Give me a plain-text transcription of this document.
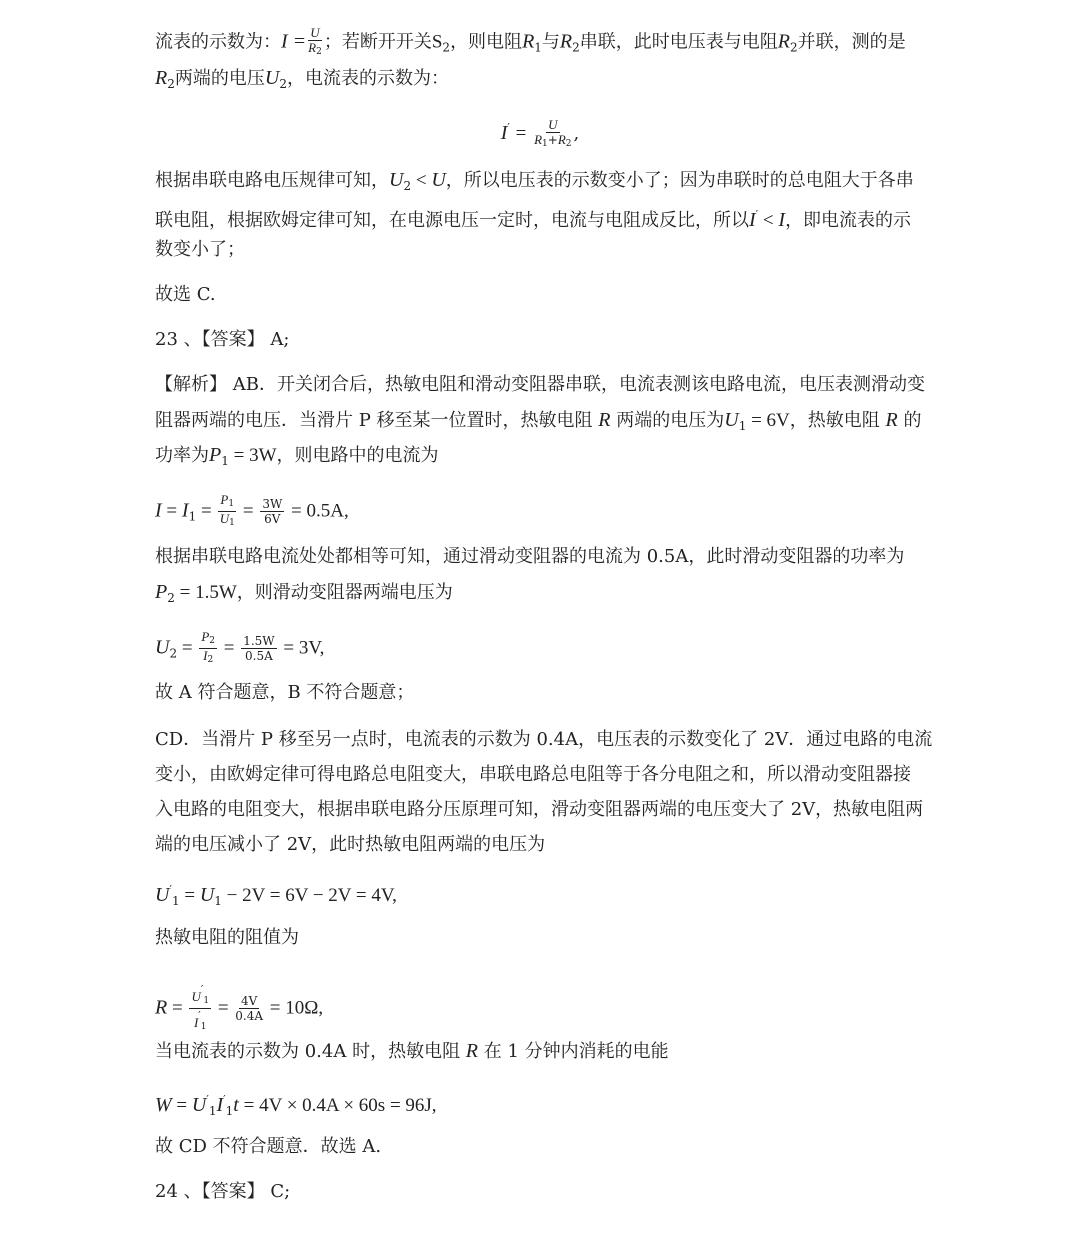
流表的示数为：$I = \frac{U}{R_2}$ ；若断开开关$S_2$，则电阻$R_1$与$R_2$串联，此时电压表与电阻$R_2$并联，测的是
$R_2$两端的电压$U_2$，电流表的示数为：
$I' = \frac{U}{R_1+R_2}$ ,
根据串联电路电压规律可知，$U_2 < U$，所以电压表的示数变小了；因为串联时的总电阻大于各串
联电阻，根据欧姆定律可知，在电源电压一定时，电流与电阻成反比，所以I′ < I，即电流表的示
数变小了；
故选 C.
23 、【答案】 A;
【解析】 AB．开关闭合后，热敏电阻和滑动变阻器串联，电流表测该电路电流，电压表测滑动变
阻器两端的电压．当滑片 P 移至某一位置时，热敏电阻 R 两端的电压为$U_1 = 6V$，热敏电阻 R 的
功率为$P_1 = 3W$，则电路中的电流为
$I = I_1 = \frac{P_1}{U_1} = \frac{3W}{6V} = 0.5A$,
根据串联电路电流处处都相等可知，通过滑动变阻器的电流为 0.5A，此时滑动变阻器的功率为
$P_2 = 1.5W$，则滑动变阻器两端电压为
$U_2 = \frac{P_2}{I_2} = \frac{1.5W}{0.5A} = 3V$,
故 A 符合题意，B 不符合题意；
CD．当滑片 P 移至另一点时，电流表的示数为 0.4A，电压表的示数变化了 2V．通过电路的电流
变小，由欧姆定律可得电路总电阻变大，串联电路总电阻等于各分电阻之和，所以滑动变阻器接
入电路的电阻变大，根据串联电路分压原理可知，滑动变阻器两端的电压变大了 2V，热敏电阻两
端的电压减小了 2V，此时热敏电阻两端的电压为
$U'_1 = U_1 - 2V = 6V - 2V = 4V$,
热敏电阻的阻值为
$R = \frac{U'_1}{I'_1} = \frac{4V}{0.4A} = 10\Omega$,
当电流表的示数为 0.4A 时，热敏电阻 R 在 1 分钟内消耗的电能
$W = U'_1I'_1t = 4V \times 0.4A \times 60s = 96J$,
故 CD 不符合题意．故选 A.
24 、【答案】 C;
